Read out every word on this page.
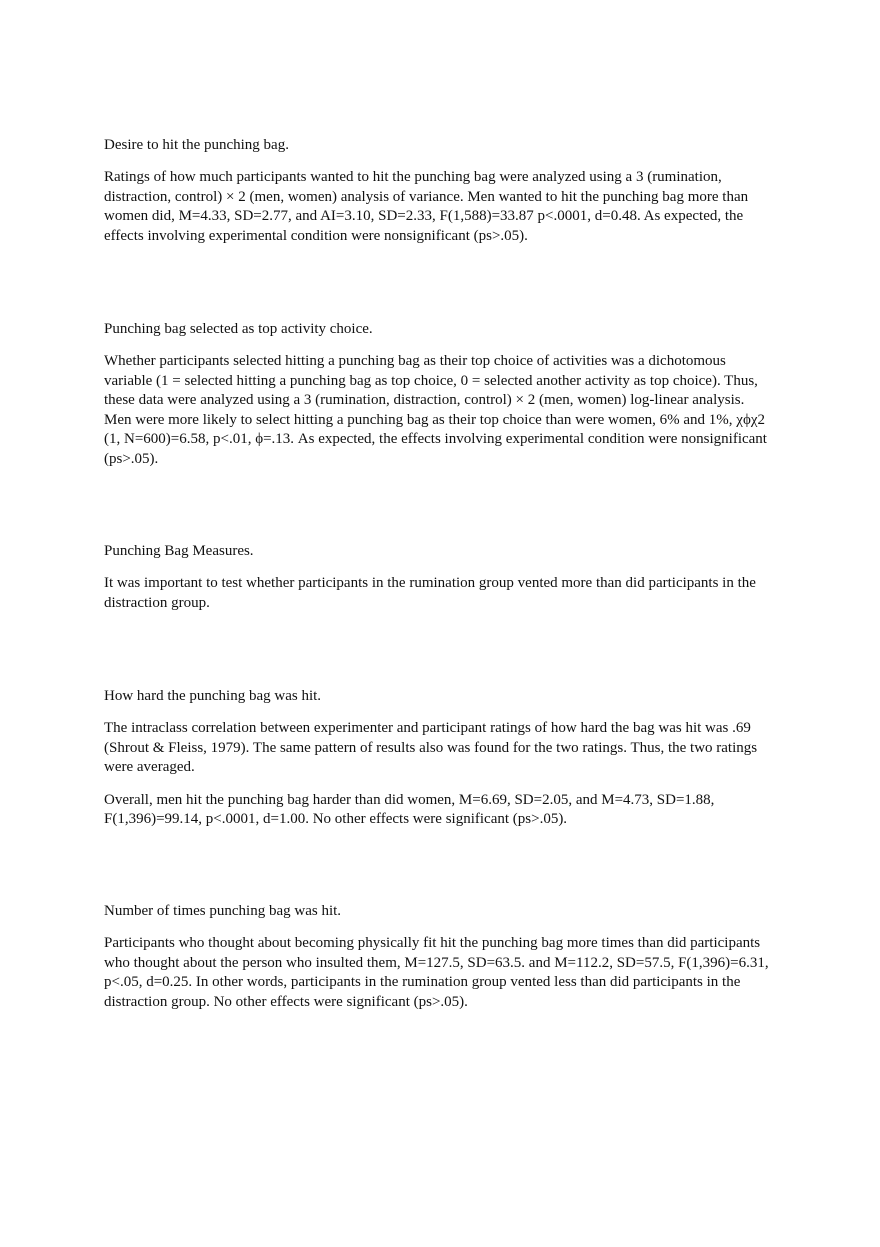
Desire to hit the punching bag.

Ratings of how much participants wanted to hit the punching bag were analyzed using a 3 (rumination, distraction, control) × 2 (men, women) analysis of variance. Men wanted to hit the punching bag more than women did, M=4.33, SD=2.77, and AI=3.10, SD=2.33, F(1,588)=33.87 p<.0001, d=0.48. As expected, the effects involving experimental condition were nonsignificant (ps>.05).

Punching bag selected as top activity choice.

Whether participants selected hitting a punching bag as their top choice of activities was a dichotomous variable (1 = selected hitting a punching bag as top choice, 0 = selected another activity as top choice). Thus, these data were analyzed using a 3 (rumination, distraction, control) × 2 (men, women) log-linear analysis. Men were more likely to select hitting a punching bag as their top choice than were women, 6% and 1%, χϕχ2 (1, N=600)=6.58, p<.01, ϕ=.13. As expected, the effects involving experimental condition were nonsignificant (ps>.05).

Punching Bag Measures.

It was important to test whether participants in the rumination group vented more than did participants in the distraction group.

How hard the punching bag was hit.

The intraclass correlation between experimenter and participant ratings of how hard the bag was hit was .69 (Shrout & Fleiss, 1979). The same pattern of results also was found for the two ratings. Thus, the two ratings were averaged.

Overall, men hit the punching bag harder than did women, M=6.69, SD=2.05, and M=4.73, SD=1.88, F(1,396)=99.14, p<.0001, d=1.00. No other effects were significant (ps>.05).

Number of times punching bag was hit.

Participants who thought about becoming physically fit hit the punching bag more times than did participants who thought about the person who insulted them, M=127.5, SD=63.5. and M=112.2, SD=57.5, F(1,396)=6.31, p<.05, d=0.25. In other words, participants in the rumination group vented less than did participants in the distraction group. No other effects were significant (ps>.05).
